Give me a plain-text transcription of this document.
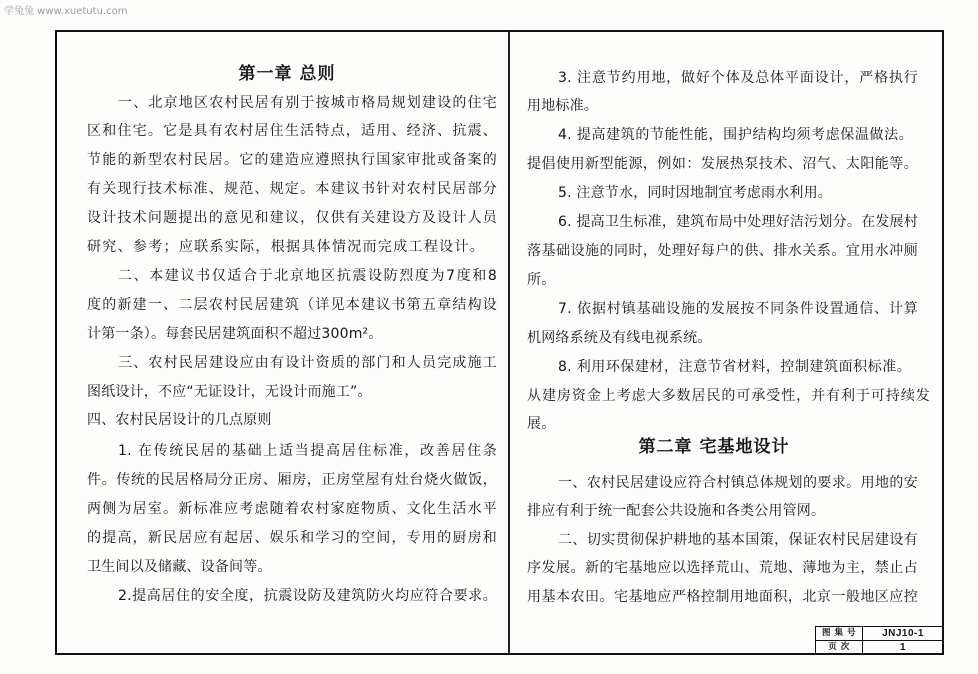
学兔兔 www.xuetutu.com
第一章 总则
一、北京地区农村民居有别于按城市格局规划建设的住宅
区和住宅。它是具有农村居住生活特点，适用、经济、抗震、
节能的新型农村民居。它的建造应遵照执行国家审批或备案的
有关现行技术标准、规范、规定。本建议书针对农村民居部分
设计技术问题提出的意见和建议，仅供有关建设方及设计人员
研究、参考；应联系实际，根据具体情况而完成工程设计。
二、本建议书仅适合于北京地区抗震设防烈度为7度和8
度的新建一、二层农村民居建筑（详见本建议书第五章结构设
计第一条）。每套民居建筑面积不超过300m²。
三、农村民居建设应由有设计资质的部门和人员完成施工
图纸设计，不应“无证设计，无设计而施工”。
四、农村民居设计的几点原则
1. 在传统民居的基础上适当提高居住标准，改善居住条
件。传统的民居格局分正房、厢房，正房堂屋有灶台烧火做饭，
两侧为居室。新标准应考虑随着农村家庭物质、文化生活水平
的提高，新民居应有起居、娱乐和学习的空间，专用的厨房和
卫生间以及储藏、设备间等。
2.提高居住的安全度，抗震设防及建筑防火均应符合要求。
3. 注意节约用地，做好个体及总体平面设计，严格执行
用地标准。
4. 提高建筑的节能性能，围护结构均须考虑保温做法。
提倡使用新型能源，例如：发展热泵技术、沼气、太阳能等。
5. 注意节水，同时因地制宜考虑雨水利用。
6. 提高卫生标准，建筑布局中处理好洁污划分。在发展村
落基础设施的同时，处理好每户的供、排水关系。宜用水冲厕
所。
7. 依据村镇基础设施的发展按不同条件设置通信、计算
机网络系统及有线电视系统。
8. 利用环保建材，注意节省材料，控制建筑面积标准。
从建房资金上考虑大多数居民的可承受性，并有利于可持续发
展。
第二章 宅基地设计
一、农村民居建设应符合村镇总体规划的要求。用地的安
排应有利于统一配套公共设施和各类公用管网。
二、切实贯彻保护耕地的基本国策，保证农村民居建设有
序发展。新的宅基地应以选择荒山、荒地、薄地为主，禁止占
用基本农田。宅基地应严格控制用地面积，北京一般地区应控
图 集 号	JNJ10-1
页 次	1
